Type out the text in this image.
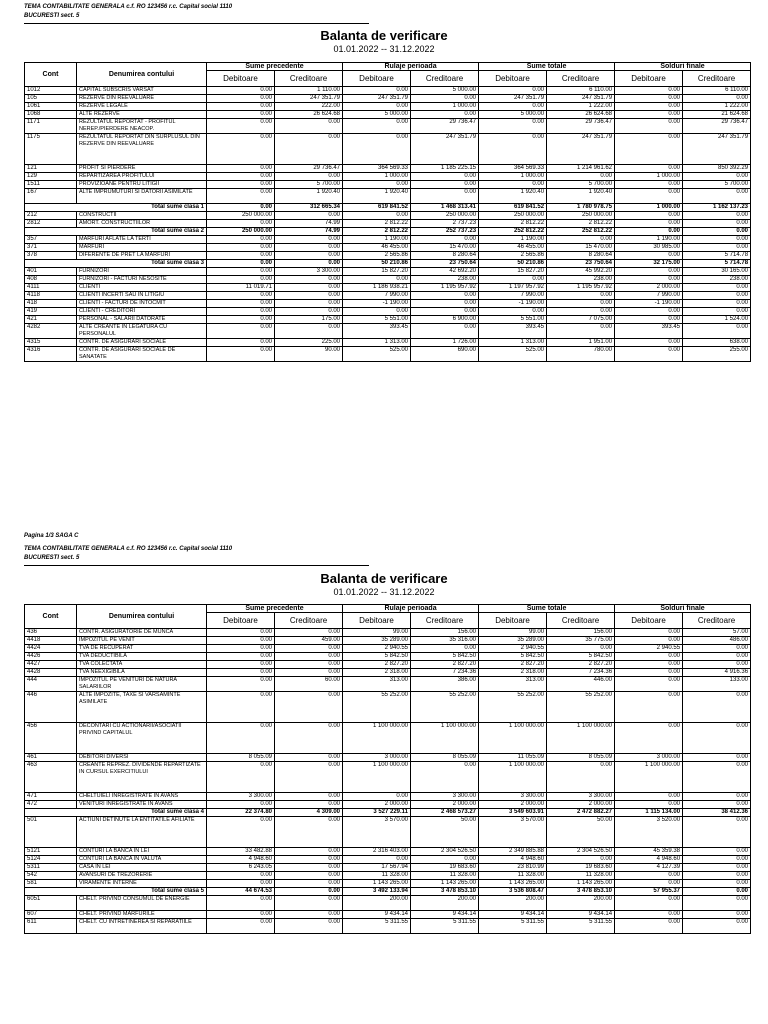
TEMA CONTABILITATE GENERALA c.f. RO 123456 r.c. Capital social 1110
BUCURESTI sect. 5
Balanta de verificare
01.01.2022 -- 31.12.2022
Cont	Denumirea contului	Sume precedente		Rulaje perioada		Sume totale		Solduri finale	
		Debitoare	Creditoare	Debitoare	Creditoare	Debitoare	Creditoare	Debitoare	Creditoare
1012	CAPITAL SUBSCRIS VARSAT	0.00	1 110.00	0.00	5 000.00	0.00	6 110.00	0.00	6 110.00
105	REZERVE DIN REEVALUARE	0.00	247 351.79	247 351.79	0.00	247 351.79	247 351.79	0.00	0.00
1061	REZERVE LEGALE	0.00	222.00	0.00	1 000.00	0.00	1 222.00	0.00	1 222.00
1068	ALTE REZERVE	0.00	26 624.68	5 000.00	0.00	5 000.00	26 624.68	0.00	21 624.68
1171	REZULTATUL REPORTAT - PROFITUL NEREP./PIERDERE NEACOP.	0.00	0.00	0.00	29 736.47	0.00	29 736.47	0.00	29 736.47
1175	REZULTATUL REPORTAT DIN SURPLUSUL DIN REZERVE DIN REEVALUARE	0.00	0.00	0.00	247 351.79	0.00	247 351.79	0.00	247 351.79
121	PROFIT SI PIERDERE	0.00	29 736.47	364 569.33	1 185 225.15	364 569.33	1 214 961.62	0.00	850 392.29
129	REPARTIZAREA PROFITULUI	0.00	0.00	1 000.00	0.00	1 000.00	0.00	1 000.00	0.00
1511	PROVIZIOANE PENTRU LITIGII	0.00	5 700.00	0.00	0.00	0.00	5 700.00	0.00	5 700.00
167	ALTE IMPRUMUTURI SI DATORII ASIMILATE	0.00	1 920.40	1 920.40	0.00	1 920.40	1 920.40	0.00	0.00
Total sume clasa 1		0.00	312 665.34	619 841.52	1 468 313.41	619 841.52	1 780 978.75	1 000.00	1 162 137.23
212	CONSTRUCTII	250 000.00	0.00	0.00	250 000.00	250 000.00	250 000.00	0.00	0.00
2812	AMORT. CONSTRUCTIILOR	0.00	74.99	2 812.22	2 737.23	2 812.22	2 812.22	0.00	0.00
Total sume clasa 2		250 000.00	74.99	2 812.22	252 737.23	252 812.22	252 812.22	0.00	0.00
357	MARFURI AFLATE LA TERTI	0.00	0.00	1 190.00	0.00	1 190.00	0.00	1 190.00	0.00
371	MARFURI	0.00	0.00	46 455.00	15 470.00	46 455.00	15 470.00	30 985.00	0.00
378	DIFERENTE DE PRET LA MARFURI	0.00	0.00	2 565.86	8 280.64	2 565.86	8 280.64	0.00	5 714.78
Total sume clasa 3		0.00	0.00	50 210.86	23 750.64	50 210.86	23 750.64	32 175.00	5 714.78
401	FURNIZORI	0.00	3 300.00	15 827.20	42 692.20	15 827.20	45 992.20	0.00	30 165.00
408	FURNIZORI - FACTURI NESOSITE	0.00	0.00	0.00	238.00	0.00	238.00	0.00	238.00
4111	CLIENTI	11 019.71	0.00	1 186 938.21	1 195 957.92	1 197 957.92	1 195 957.92	2 000.00	0.00
4118	CLIENTI INCERTI SAU IN LITIGIU	0.00	0.00	7 990.00	0.00	7 990.00	0.00	7 990.00	0.00
418	CLIENTI - FACTURI DE INTOCMIT	0.00	0.00	-1 190.00	0.00	-1 190.00	0.00	-1 190.00	0.00
419	CLIENTI - CREDITORI	0.00	0.00	0.00	0.00	0.00	0.00	0.00	0.00
421	PERSONAL - SALARII DATORATE	0.00	175.00	5 551.00	6 900.00	5 551.00	7 075.00	0.00	1 524.00
4282	ALTE CREANTE IN LEGATURA CU PERSONALUL	0.00	0.00	393.45	0.00	393.45	0.00	393.45	0.00
4315	CONTR. DE ASIGURARI SOCIALE	0.00	225.00	1 313.00	1 726.00	1 313.00	1 951.00	0.00	638.00
4316	CONTR. DE ASIGURARI SOCIALE DE SANATATE	0.00	90.00	525.00	690.00	525.00	780.00	0.00	255.00
Pagina 1/3 SAGA C
TEMA CONTABILITATE GENERALA c.f. RO 123456 r.c. Capital social 1110
BUCURESTI sect. 5
Balanta de verificare
01.01.2022 -- 31.12.2022
Cont	Denumirea contului	Sume precedente		Rulaje perioada		Sume totale		Solduri finale	
		Debitoare	Creditoare	Debitoare	Creditoare	Debitoare	Creditoare	Debitoare	Creditoare
436	CONTR. ASIGURATORIE DE MUNCA	0.00	0.00	99.00	156.00	99.00	156.00	0.00	57.00
4418	IMPOZITUL PE VENIT	0.00	459.00	35 289.00	35 316.00	35 289.00	35 775.00	0.00	486.00
4424	TVA DE RECUPERAT	0.00	0.00	2 940.55	0.00	2 940.55	0.00	2 940.55	0.00
4426	TVA DEDUCTIBILA	0.00	0.00	5 842.50	5 842.50	5 842.50	5 842.50	0.00	0.00
4427	TVA COLECTATA	0.00	0.00	2 827.20	2 827.20	2 827.20	2 827.20	0.00	0.00
4428	TVA NEEXIGIBILA	0.00	0.00	2 318.00	7 234.36	2 318.00	7 234.36	0.00	4 916.36
444	IMPOZITUL PE VENITURI DE NATURA SALARIILOR	0.00	60.00	313.00	386.00	313.00	446.00	0.00	133.00
446	ALTE IMPOZITE, TAXE SI VARSAMINTE ASIMILATE	0.00	0.00	55 252.00	55 252.00	55 252.00	55 252.00	0.00	0.00
456	DECONTARI CU ACTIONARII/ASOCIATII PRIVIND CAPITALUL	0.00	0.00	1 100 000.00	1 100 000.00	1 100 000.00	1 100 000.00	0.00	0.00
461	DEBITORI DIVERSI	8 055.09	0.00	3 000.00	8 055.09	11 055.09	8 055.09	3 000.00	0.00
463	CREANTE REPREZ. DIVIDENDE REPARTIZATE IN CURSUL EXERCITIULUI	0.00	0.00	1 100 000.00	0.00	1 100 000.00	0.00	1 100 000.00	0.00
471	CHELTUIELI INREGISTRATE IN AVANS	3 300.00	0.00	0.00	3 300.00	3 300.00	3 300.00	0.00	0.00
472	VENITURI INREGISTRATE IN AVANS	0.00	0.00	2 000.00	2 000.00	2 000.00	2 000.00	0.00	0.00
Total sume clasa 4		22 374.80	4 309.00	3 527 229.11	2 468 573.27	3 549 603.91	2 472 882.27	1 115 134.00	38 412.36
501	ACTIUNI DETINUTE LA ENTITATILE AFILIATE	0.00	0.00	3 570.00	50.00	3 570.00	50.00	3 520.00	0.00
5121	CONTURI LA BANCA IN LEI	33 482.88	0.00	2 316 403.00	2 304 526.50	2 349 885.88	2 304 526.50	45 359.38	0.00
5124	CONTURI LA BANCA IN VALUTA	4 948.60	0.00	0.00	0.00	4 948.60	0.00	4 948.60	0.00
5311	CASA IN LEI	6 243.05	0.00	17 567.94	19 683.60	23 810.99	19 683.60	4 127.39	0.00
542	AVANSURI DE TREZORERIE	0.00	0.00	11 328.00	11 328.00	11 328.00	11 328.00	0.00	0.00
581	VIRAMENTE INTERNE	0.00	0.00	1 143 265.00	1 143 265.00	1 143 265.00	1 143 265.00	0.00	0.00
Total sume clasa 5		44 674.53	0.00	3 492 133.94	3 478 853.10	3 536 808.47	3 478 853.10	57 955.37	0.00
6051	CHELT. PRIVIND CONSUMUL DE ENERGIE	0.00	0.00	200.00	200.00	200.00	200.00	0.00	0.00
607	CHELT. PRIVIND MARFURILE	0.00	0.00	9 434.14	9 434.14	9 434.14	9 434.14	0.00	0.00
611	CHELT. CU INTRETINEREA SI REPARATIILE	0.00	0.00	5 311.55	5 311.55	5 311.55	5 311.55	0.00	0.00
